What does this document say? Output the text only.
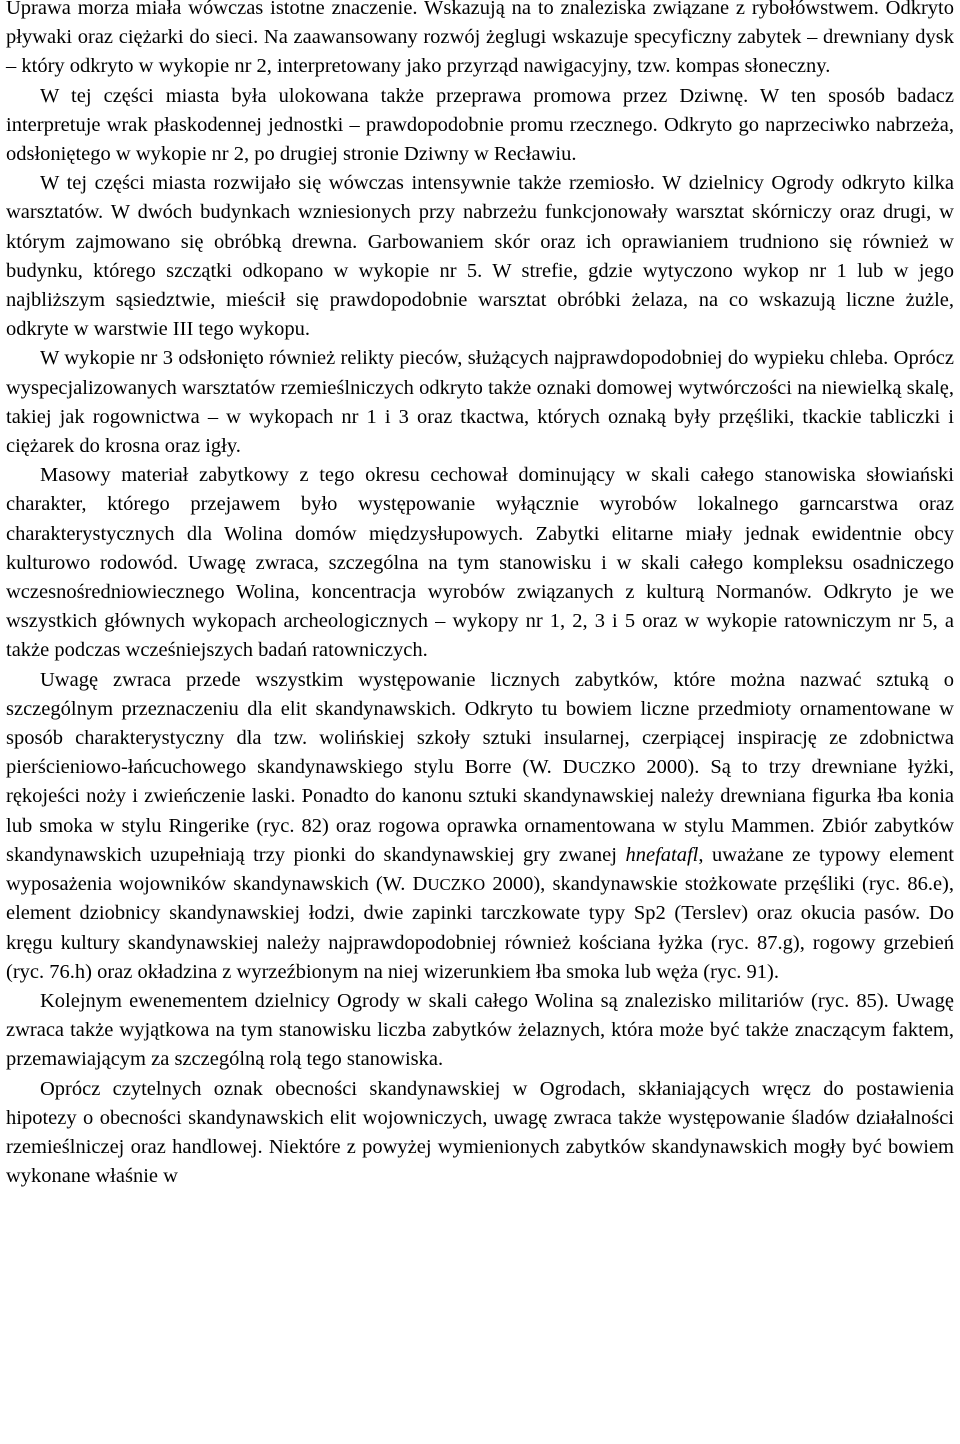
Uprawa morza miała wówczas istotne znaczenie. Wskazują na to znaleziska związane z rybołówstwem. Odkryto pływaki oraz ciężarki do sieci. Na zaawansowany rozwój żeglugi wskazuje specyficzny zabytek – drewniany dysk – który odkryto w wykopie nr 2, interpretowany jako przyrząd nawigacyjny, tzw. kompas słoneczny.

W tej części miasta była ulokowana także przeprawa promowa przez Dziwnę. W ten sposób badacz interpretuje wrak płaskodennej jednostki – prawdopodobnie promu rzecznego. Odkryto go naprzeciwko nabrzeża, odsłoniętego w wykopie nr 2, po drugiej stronie Dziwny w Recławiu.

W tej części miasta rozwijało się wówczas intensywnie także rzemiosło. W dzielnicy Ogrody odkryto kilka warsztatów. W dwóch budynkach wzniesionych przy nabrzeżu funkcjonowały warsztat skórniczy oraz drugi, w którym zajmowano się obróbką drewna. Garbowaniem skór oraz ich oprawianiem trudniono się również w budynku, którego szczątki odkopano w wykopie nr 5. W strefie, gdzie wytyczono wykop nr 1 lub w jego najbliższym sąsiedztwie, mieścił się prawdopodobnie warsztat obróbki żelaza, na co wskazują liczne żużle, odkryte w warstwie III tego wykopu.

W wykopie nr 3 odsłonięto również relikty pieców, służących najprawdopodobniej do wypieku chleba. Oprócz wyspecjalizowanych warsztatów rzemieślniczych odkryto także oznaki domowej wytwórczości na niewielką skalę, takiej jak rogownictwa – w wykopach nr 1 i 3 oraz tkactwa, których oznaką były przęśliki, tkackie tabliczki i ciężarek do krosna oraz igły.

Masowy materiał zabytkowy z tego okresu cechował dominujący w skali całego stanowiska słowiański charakter, którego przejawem było występowanie wyłącznie wyrobów lokalnego garncarstwa oraz charakterystycznych dla Wolina domów międzysłupowych. Zabytki elitarne miały jednak ewidentnie obcy kulturowo rodowód. Uwagę zwraca, szczególna na tym stanowisku i w skali całego kompleksu osadniczego wczesnośredniowiecznego Wolina, koncentracja wyrobów związanych z kulturą Normanów. Odkryto je we wszystkich głównych wykopach archeologicznych – wykopy nr 1, 2, 3 i 5 oraz w wykopie ratowniczym nr 5, a także podczas wcześniejszych badań ratowniczych.

Uwagę zwraca przede wszystkim występowanie licznych zabytków, które można nazwać sztuką o szczególnym przeznaczeniu dla elit skandynawskich. Odkryto tu bowiem liczne przedmioty ornamentowane w sposób charakterystyczny dla tzw. wolińskiej szkoły sztuki insularnej, czerpiącej inspirację ze zdobnictwa pierścieniowo-łańcuchowego skandynawskiego stylu Borre (W. DUCZKO 2000). Są to trzy drewniane łyżki, rękojeści noży i zwieńczenie laski. Ponadto do kanonu sztuki skandynawskiej należy drewniana figurka łba konia lub smoka w stylu Ringerike (ryc. 82) oraz rogowa oprawka ornamentowana w stylu Mammen. Zbiór zabytków skandynawskich uzupełniają trzy pionki do skandynawskiej gry zwanej hnefatafl, uważane ze typowy element wyposażenia wojowników skandynawskich (W. DUCZKO 2000), skandynawskie stożkowate przęśliki (ryc. 86.e), element dziobnicy skandynawskiej łodzi, dwie zapinki tarczkowate typy Sp2 (Terslev) oraz okucia pasów. Do kręgu kultury skandynawskiej należy najprawdopodobniej również kościana łyżka (ryc. 87.g), rogowy grzebień (ryc. 76.h) oraz okładzina z wyrzeźbionym na niej wizerunkiem łba smoka lub węża (ryc. 91).

Kolejnym ewenementem dzielnicy Ogrody w skali całego Wolina są znalezisko militariów (ryc. 85). Uwagę zwraca także wyjątkowa na tym stanowisku liczba zabytków żelaznych, która może być także znaczącym faktem, przemawiającym za szczególną rolą tego stanowiska.

Oprócz czytelnych oznak obecności skandynawskiej w Ogrodach, skłaniających wręcz do postawienia hipotezy o obecności skandynawskich elit wojowniczych, uwagę zwraca także występowanie śladów działalności rzemieślniczej oraz handlowej. Niektóre z powyżej wymienionych zabytków skandynawskich mogły być bowiem wykonane właśnie w
